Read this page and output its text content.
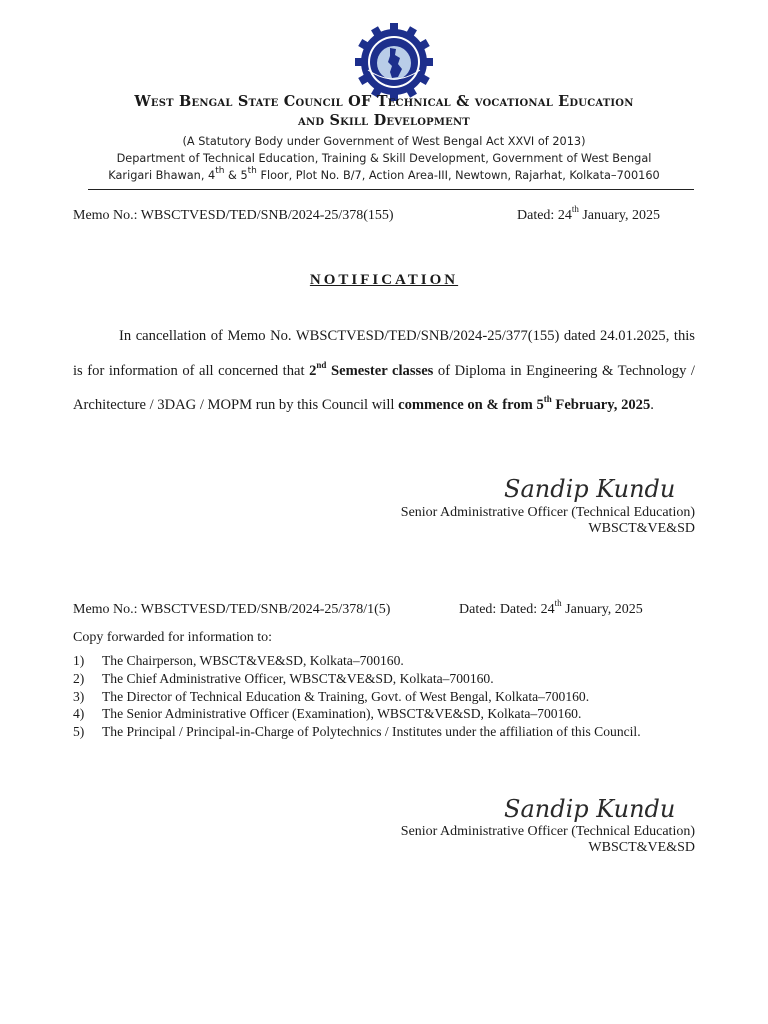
West Bengal State Council OF Technical & vocational Education
and Skill Development
(A Statutory Body under Government of West Bengal Act XXVI of 2013)
Department of Technical Education, Training & Skill Development, Government of West Bengal
Karigari Bhawan, 4th & 5th Floor, Plot No. B/7, Action Area-III, Newtown, Rajarhat, Kolkata–700160
Memo No.: WBSCTVESD/TED/SNB/2024-25/378(155)	Dated: 24th January, 2025
NOTIFICATION
In cancellation of Memo No. WBSCTVESD/TED/SNB/2024-25/377(155) dated 24.01.2025, this is for information of all concerned that 2nd Semester classes of Diploma in Engineering & Technology / Architecture / 3DAG / MOPM run by this Council will commence on & from 5th February, 2025.
Sandip Kundu
Senior Administrative Officer (Technical Education)
WBSCT&VE&SD
Memo No.: WBSCTVESD/TED/SNB/2024-25/378/1(5)	Dated: Dated: 24th January, 2025
Copy forwarded for information to:
1)	The Chairperson, WBSCT&VE&SD, Kolkata–700160.
2)	The Chief Administrative Officer, WBSCT&VE&SD, Kolkata–700160.
3)	The Director of Technical Education & Training, Govt. of West Bengal, Kolkata–700160.
4)	The Senior Administrative Officer (Examination), WBSCT&VE&SD, Kolkata–700160.
5)	The Principal / Principal-in-Charge of Polytechnics / Institutes under the affiliation of this Council.
Sandip Kundu
Senior Administrative Officer (Technical Education)
WBSCT&VE&SD
